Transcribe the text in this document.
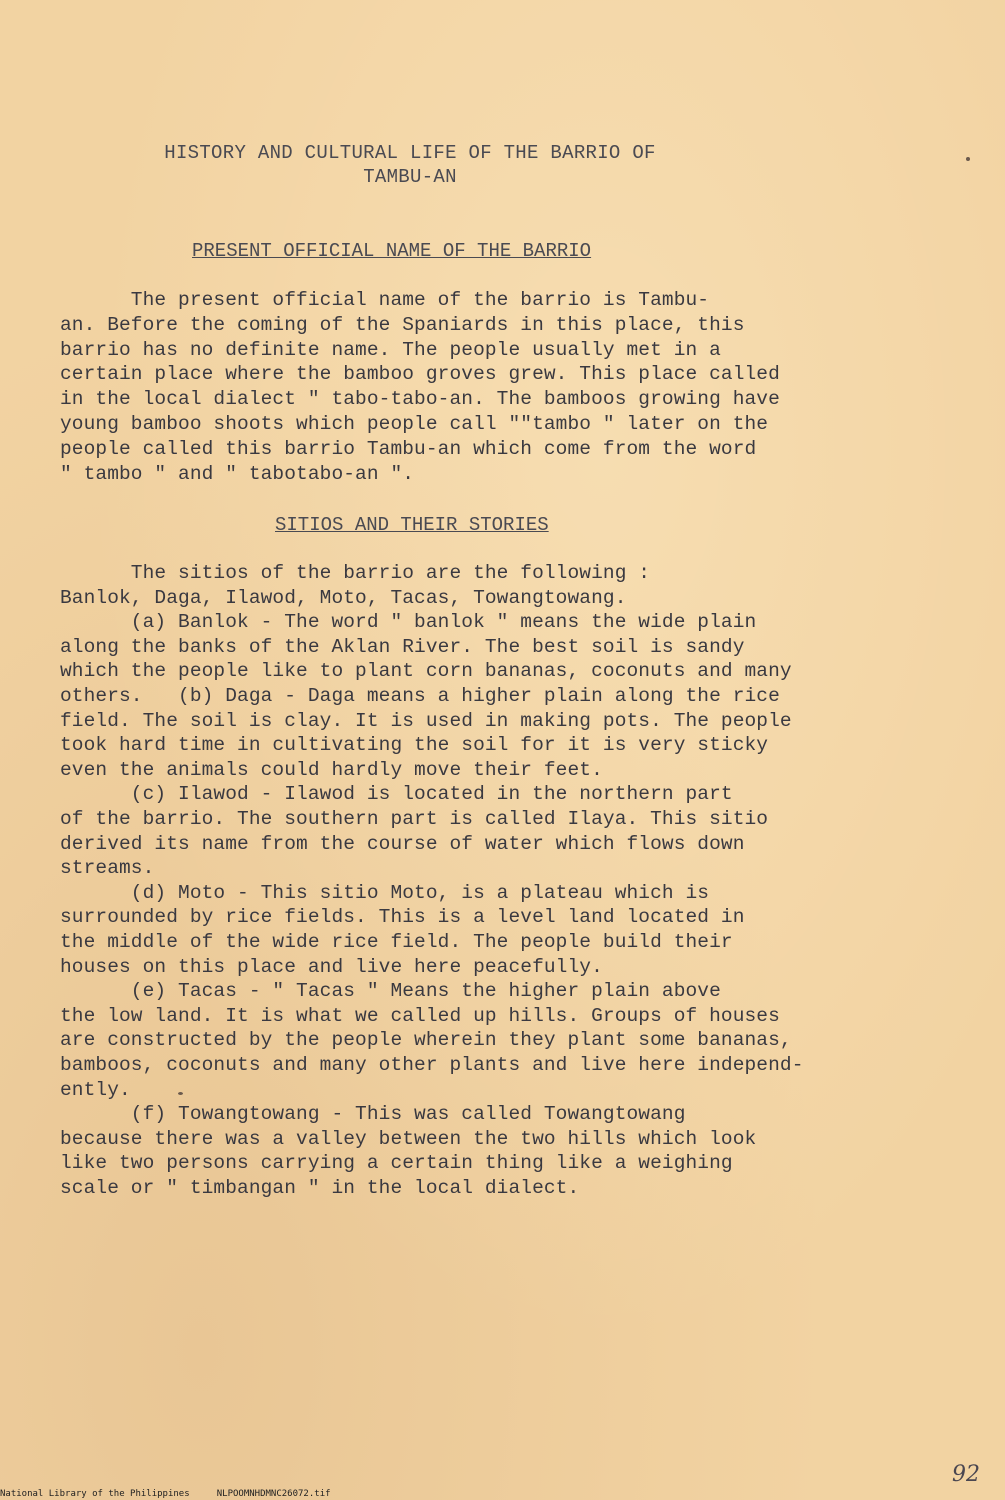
HISTORY AND CULTURAL LIFE OF THE BARRIO OF
TAMBU-AN
PRESENT OFFICIAL NAME OF THE BARRIO
The present official name of the barrio is Tambu-
an. Before the coming of the Spaniards in this place, this
barrio has no definite name. The people usually met in a
certain place where the bamboo groves grew. This place called
in the local dialect " tabo-tabo-an. The bamboos growing have
young bamboo shoots which people call ""tambo " later on the
people called this barrio Tambu-an which come from the word
" tambo " and " tabotabo-an ".
SITIOS AND THEIR STORIES
The sitios of the barrio are the following :
Banlok, Daga, Ilawod, Moto, Tacas, Towangtowang.
(a) Banlok - The word " banlok " means the wide plain
along the banks of the Aklan River. The best soil is sandy
which the people like to plant corn bananas, coconuts and many
others.   (b) Daga - Daga means a higher plain along the rice
field. The soil is clay. It is used in making pots. The people
took hard time in cultivating the soil for it is very sticky
even the animals could hardly move their feet.
(c) Ilawod - Ilawod is located in the northern part
of the barrio. The southern part is called Ilaya. This sitio
derived its name from the course of water which flows down
streams.
(d) Moto - This sitio Moto, is a plateau which is
surrounded by rice fields. This is a level land located in
the middle of the wide rice field. The people build their
houses on this place and live here peacefully.
(e) Tacas - " Tacas " Means the higher plain above
the low land. It is what we called up hills. Groups of houses
are constructed by the people wherein they plant some bananas,
bamboos, coconuts and many other plants and live here independ-
ently.
(f) Towangtowang - This was called Towangtowang
because there was a valley between the two hills which look
like two persons carrying a certain thing like a weighing
scale or " timbangan " in the local dialect.
92
National Library of the Philippines     NLPOOMNHDMNC26072.tif
